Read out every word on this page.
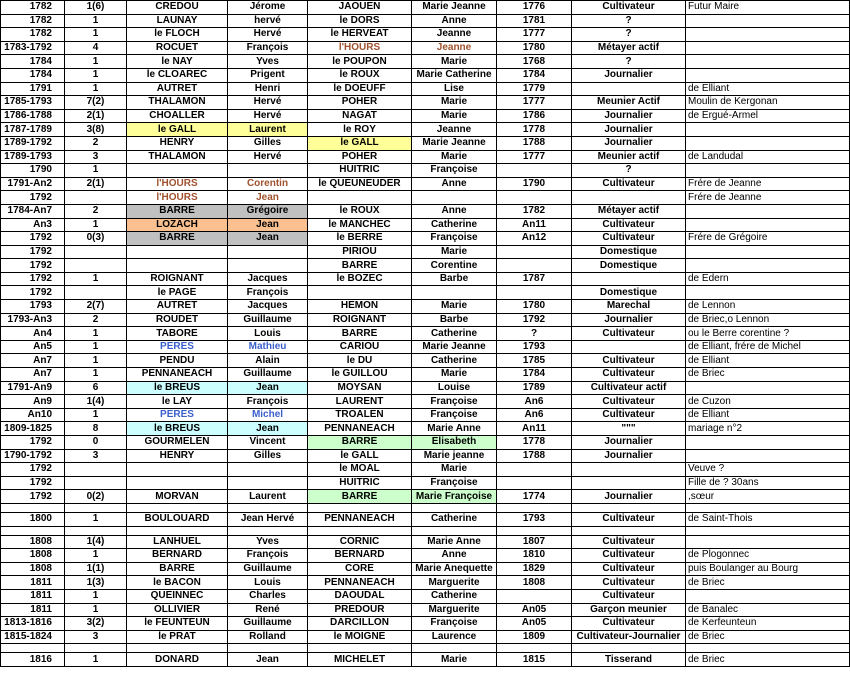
1782	1(6)	CREDOU	Jérome	JAOUEN	Marie Jeanne	1776	Cultivateur	Futur Maire
1782	1	LAUNAY	hervé	le DORS	Anne	1781	?	
1782	1	le FLOCH	Hervé	le HERVEAT	Jeanne	1777	?	
1783-1792	4	ROCUET	François	l'HOURS	Jeanne	1780	Métayer actif	
1784	1	le NAY	Yves	le POUPON	Marie	1768	?	
1784	1	le CLOAREC	Prigent	le ROUX	Marie Catherine	1784	Journalier	
1791	1	AUTRET	Henri	le DOEUFF	Lise	1779		de Elliant
1785-1793	7(2)	THALAMON	Hervé	POHER	Marie	1777	Meunier Actif	Moulin de Kergonan
1786-1788	2(1)	CHOALLER	Hervé	NAGAT	Marie	1786	Journalier	de Ergué-Armel
1787-1789	3(8)	le GALL	Laurent	le ROY	Jeanne	1778	Journalier	
1789-1792	2	HENRY	Gilles	le GALL	Marie Jeanne	1788	Journalier	
1789-1793	3	THALAMON	Hervé	POHER	Marie	1777	Meunier actif	de Landudal
1790	1			HUITRIC	Françoise		?	
1791-An2	2(1)	l'HOURS	Corentin	le QUEUNEUDER	Anne	1790	Cultivateur	Frére de Jeanne
1792		l'HOURS	Jean					Frére de Jeanne
1784-An7	2	BARRE	Grégoire	le ROUX	Anne	1782	Métayer actif	
An3	1	LOZACH	Jean	le MANCHEC	Catherine	An11	Cultivateur	
1792	0(3)	BARRE	Jean	le BERRE	Françoise	An12	Cultivateur	Frére de Grégoire
1792				PIRIOU	Marie		Domestique	
1792				BARRE	Corentine		Domestique	
1792	1	ROIGNANT	Jacques	le BOZEC	Barbe	1787		de Edern
1792		le PAGE	François				Domestique	
1793	2(7)	AUTRET	Jacques	HEMON	Marie	1780	Marechal	de Lennon
1793-An3	2	ROUDET	Guillaume	ROIGNANT	Barbe	1792	Journalier	de Briec,o Lennon
An4	1	TABORE	Louis	BARRE	Catherine	?	Cultivateur	ou le Berre corentine ?
An5	1	PERES	Mathieu	CARIOU	Marie Jeanne	1793		de Elliant, frére de Michel
An7	1	PENDU	Alain	le DU	Catherine	1785	Cultivateur	de Elliant
An7	1	PENNANEACH	Guillaume	le GUILLOU	Marie	1784	Cultivateur	de Briec
1791-An9	6	le BREUS	Jean	MOYSAN	Louise	1789	Cultivateur actif	
An9	1(4)	le LAY	François	LAURENT	Françoise	An6	Cultivateur	de Cuzon
An10	1	PERES	Michel	TROALEN	Françoise	An6	Cultivateur	de Elliant
1809-1825	8	le BREUS	Jean	PENNANEACH	Marie Anne	An11	"""	mariage n°2
1792	0	GOURMELEN	Vincent	BARRE	Elisabeth	1778	Journalier	
1790-1792	3	HENRY	Gilles	le GALL	Marie jeanne	1788	Journalier	
1792				le MOAL	Marie			Veuve ?
1792				HUITRIC	Françoise			Fille de ? 30ans
1792	0(2)	MORVAN	Laurent	BARRE	Marie Françoise	1774	Journalier	,sœur

1800	1	BOULOUARD	Jean Hervé	PENNANEACH	Catherine	1793	Cultivateur	de Saint-Thois

1808	1(4)	LANHUEL	Yves	CORNIC	Marie Anne	1807	Cultivateur	
1808	1	BERNARD	François	BERNARD	Anne	1810	Cultivateur	de Plogonnec
1808	1(1)	BARRE	Guillaume	CORE	Marie Anequette	1829	Cultivateur	puis Boulanger au Bourg
1811	1(3)	le BACON	Louis	PENNANEACH	Marguerite	1808	Cultivateur	de Briec
1811	1	QUEINNEC	Charles	DAOUDAL	Catherine		Cultivateur	
1811	1	OLLIVIER	René	PREDOUR	Marguerite	An05	Garçon meunier	de Banalec
1813-1816	3(2)	le FEUNTEUN	Guillaume	DARCILLON	Françoise	An05	Cultivateur	de Kerfeunteun
1815-1824	3	le PRAT	Rolland	le MOIGNE	Laurence	1809	Cultivateur-Journalier	de Briec

1816	1	DONARD	Jean	MICHELET	Marie	1815	Tisserand	de Briec
